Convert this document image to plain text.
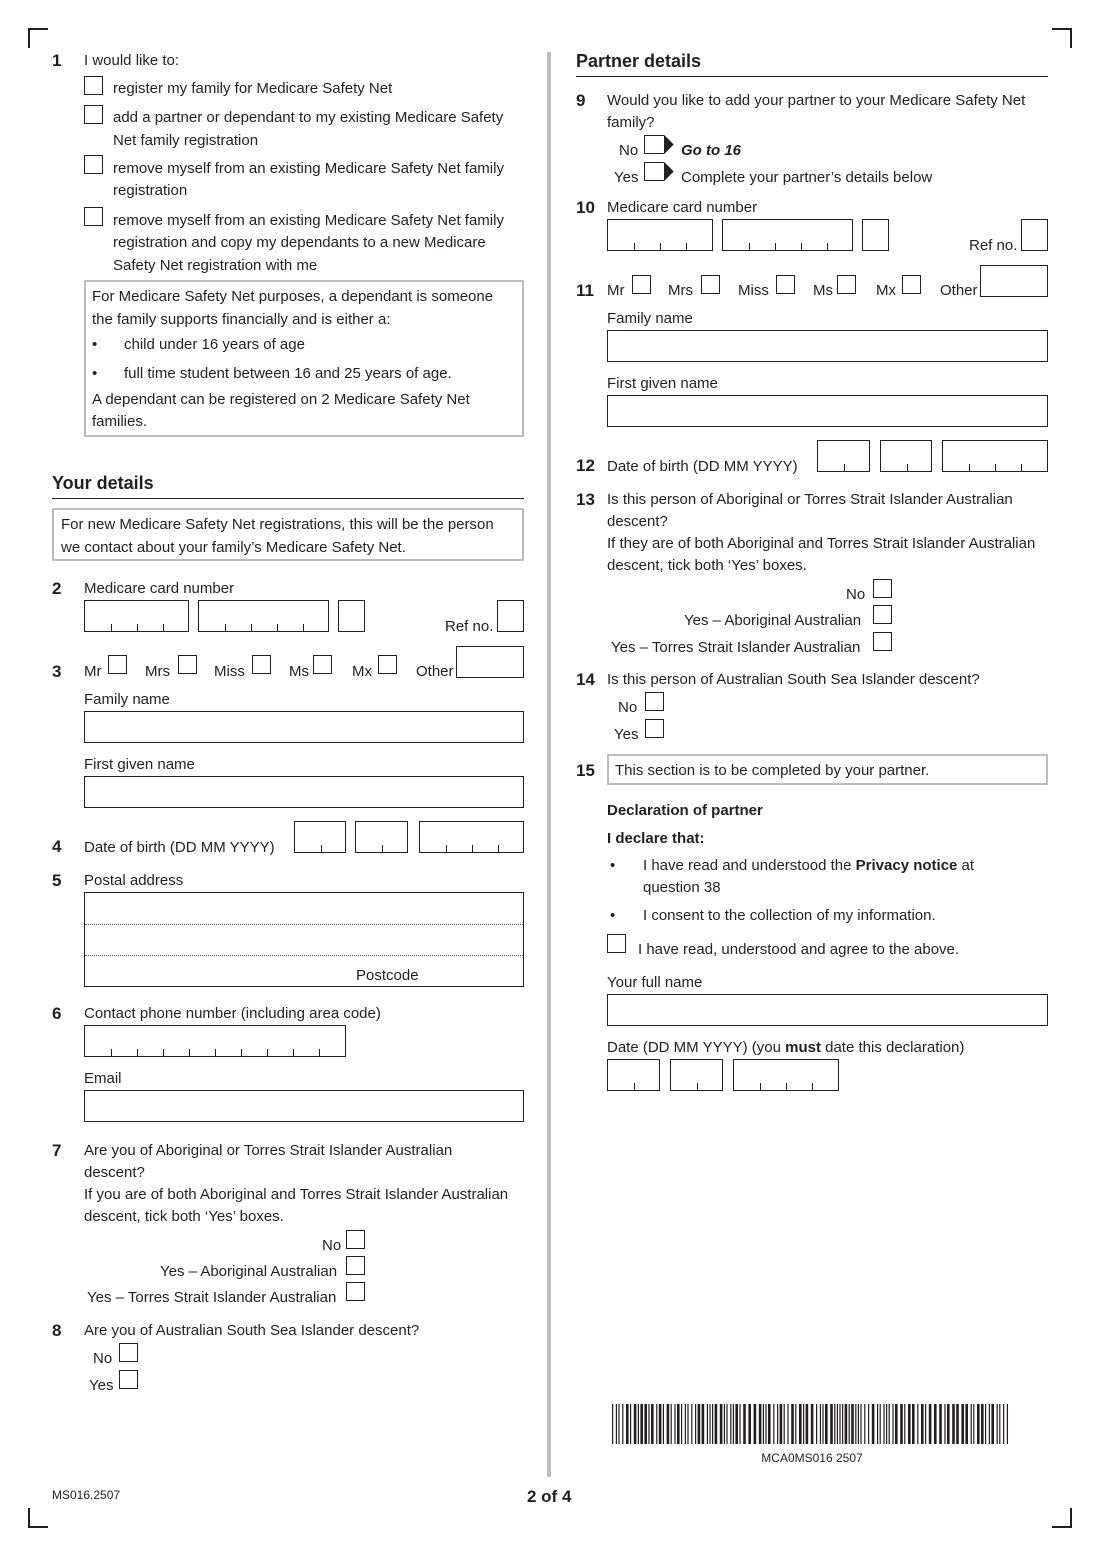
1 I would like to:
register my family for Medicare Safety Net
add a partner or dependant to my existing Medicare Safety
Net family registration
remove myself from an existing Medicare Safety Net family
registration
remove myself from an existing Medicare Safety Net family
registration and copy my dependants to a new Medicare
Safety Net registration with me
For Medicare Safety Net purposes, a dependant is someone
the family supports financially and is either a:
• child under 16 years of age
• full time student between 16 and 25 years of age.
A dependant can be registered on 2 Medicare Safety Net
families.
Your details
For new Medicare Safety Net registrations, this will be the person
we contact about your family’s Medicare Safety Net.
2 Medicare card number
Ref no.
3 Mr	Mrs	Miss	Ms	Mx	Other
Family name
First given name
4 Date of birth (DD MM YYYY)
5 Postal address
Postcode
6 Contact phone number (including area code)
Email
7 Are you of Aboriginal or Torres Strait Islander Australian
descent?
If you are of both Aboriginal and Torres Strait Islander Australian
descent, tick both ‘Yes’ boxes.
No
Yes – Aboriginal Australian
Yes – Torres Strait Islander Australian
8 Are you of Australian South Sea Islander descent?
No
Yes
Partner details
9 Would you like to add your partner to your Medicare Safety Net
family?
No	Go to 16
Yes	Complete your partner’s details below
10 Medicare card number
Ref no.
11 Mr	Mrs	Miss	Ms	Mx	Other
Family name
First given name
12 Date of birth (DD MM YYYY)
13 Is this person of Aboriginal or Torres Strait Islander Australian
descent?
If they are of both Aboriginal and Torres Strait Islander Australian
descent, tick both ‘Yes’ boxes.
No
Yes – Aboriginal Australian
Yes – Torres Strait Islander Australian
14 Is this person of Australian South Sea Islander descent?
No
Yes
15 This section is to be completed by your partner.
Declaration of partner
I declare that:
• I have read and understood the Privacy notice at
question 38
• I consent to the collection of my information.
I have read, understood and agree to the above.
Your full name
Date (DD MM YYYY) (you must date this declaration)
MCA0MS016 2507
MS016.2507	2 of 4
